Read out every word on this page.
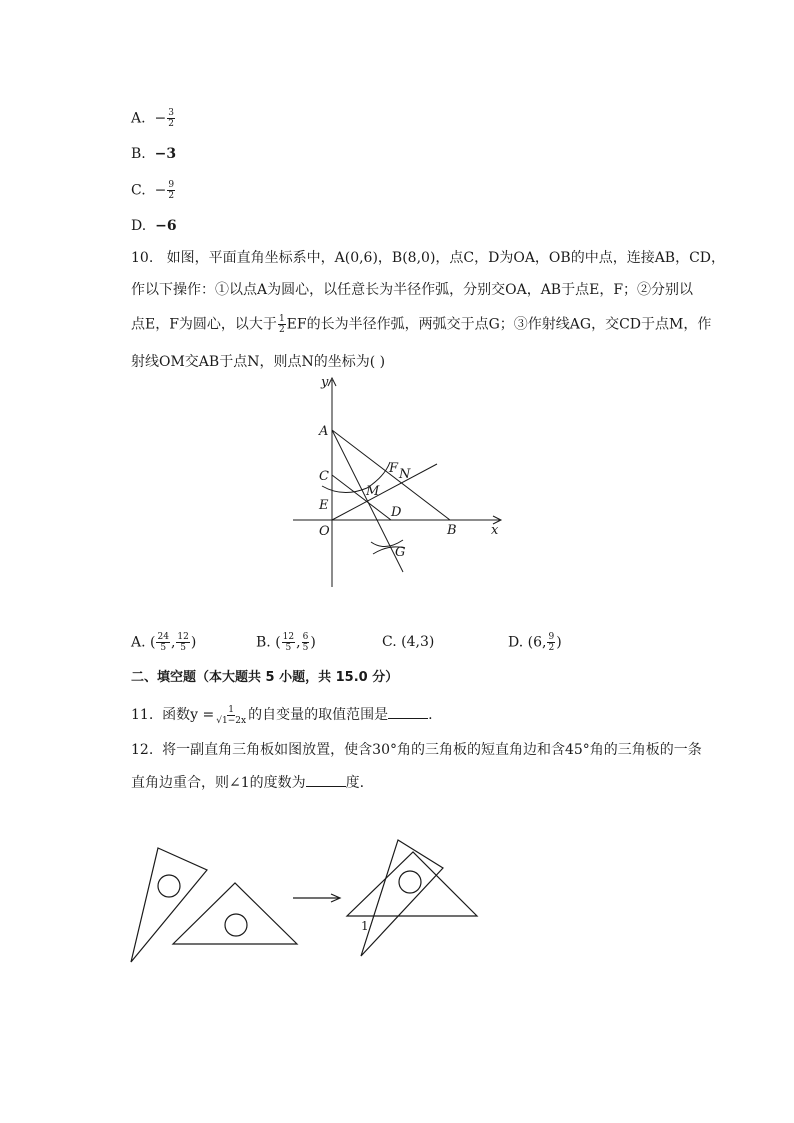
A. − $\frac{3}{2}$
B. −3
C. − $\frac{9}{2}$
D. −6
10. 如图，平面直角坐标系中，A(0,6)，B(8,0)，点C，D为OA，OB的中点，连接AB，CD，
作以下操作：①以点A为圆心，以任意长为半径作弧，分别交OA，AB于点E，F；②分别以
点E，F为圆心，以大于 $\frac{1}{2}$ EF的长为半径作弧，两弧交于点G；③作射线AG，交CD于点M，作
射线OM交AB于点N，则点N的坐标为( )
y
x
A
C
E
O
F N
M
D
B
G
A. ( $\frac{24}{5}$ , $\frac{12}{5}$ )	B. ( $\frac{12}{5}$ , $\frac{6}{5}$ )	C. (4,3)	D. (6, $\frac{9}{2}$ )
二、填空题（本大题共 5 小题，共 15.0 分）
11. 函数$y = \frac{1}{√1-2x}$ 的自变量的取值范围是	.
12. 将一副直角三角板如图放置，使含30°角的三角板的短直角边和含45°角的三角板的一条
直角边重合，则∠1的度数为	度.
1
